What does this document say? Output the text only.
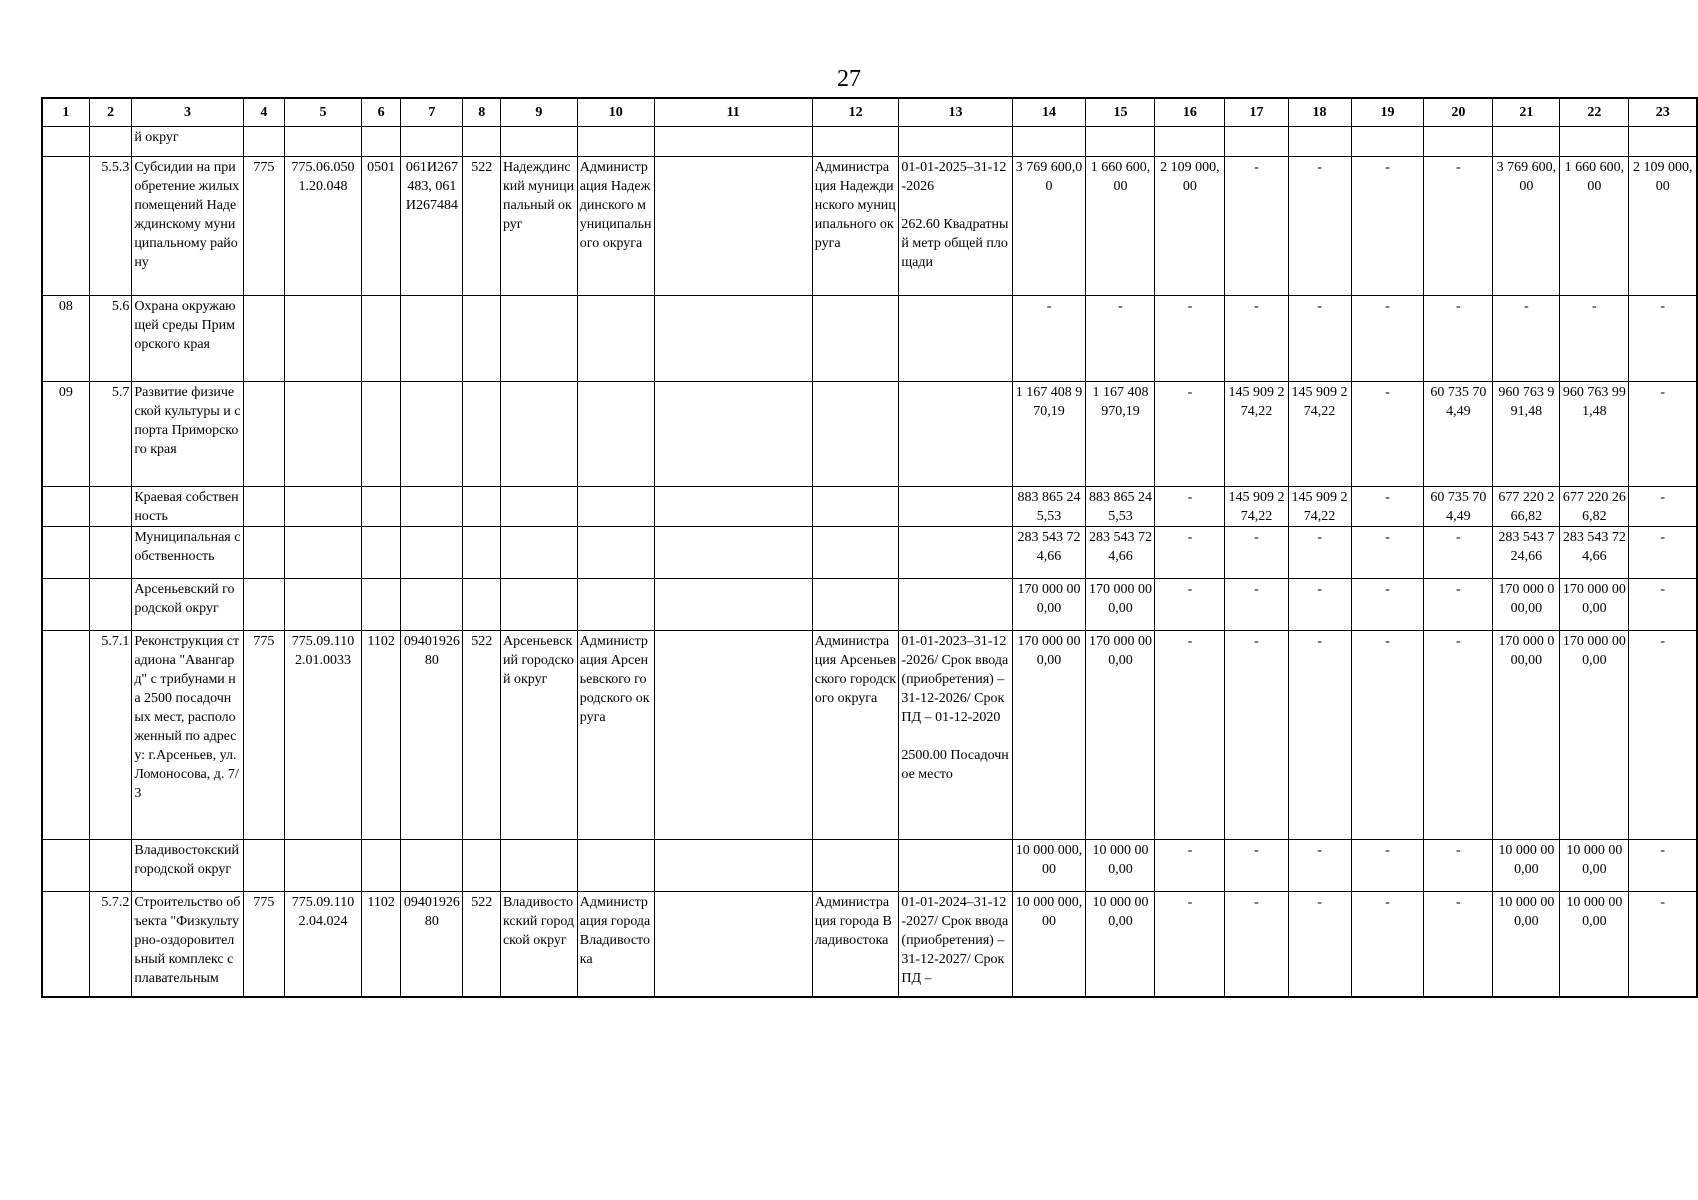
27
1	2	3	4	5	6	7	8	9	10	11	12	13	14	15	16	17	18	19	20	21	22	23
		й округ																				
	5.5.3	Субсидии на приобретение жилых помещений Надеждинскому муниципальному району	775	775.06.0501.20.048	0501	061И267483, 061И267484	522	Надеждинский муниципальный округ	Администрация Надеждинского муниципального округа		Администрация Надеждинского муниципального округа	01-01-2025–31-12-2026

262.60 Квадратный метр общей площади	3 769 600,00	1 660 600,00	2 109 000,00	-	-	-	-	3 769 600,00	1 660 600,00	2 109 000,00
08	5.6	Охрана окружающей среды Приморского края											-	-	-	-	-	-	-	-	-	-
09	5.7	Развитие физической культуры и спорта Приморского края											1 167 408 970,19	1 167 408 970,19	-	145 909 274,22	145 909 274,22	-	60 735 704,49	960 763 991,48	960 763 991,48	-
		Краевая собственность											883 865 245,53	883 865 245,53	-	145 909 274,22	145 909 274,22	-	60 735 704,49	677 220 266,82	677 220 266,82	-
		Муниципальная собственность											283 543 724,66	283 543 724,66	-	-	-	-	-	283 543 724,66	283 543 724,66	-
		Арсеньевский городской округ											170 000 000,00	170 000 000,00	-	-	-	-	-	170 000 000,00	170 000 000,00	-
	5.7.1	Реконструкция стадиона "Авангард" с трибунами на 2500 посадочных мест, расположенный по адресу: г.Арсеньев, ул. Ломоносова, д. 7/3	775	775.09.1102.01.0033	1102	0940192680	522	Арсеньевский городской округ	Администрация Арсеньевского городского округа		Администрация Арсеньевского городского округа	01-01-2023–31-12-2026/ Срок ввода (приобретения) – 31-12-2026/ Срок ПД – 01-12-2020

2500.00 Посадочное место	170 000 000,00	170 000 000,00	-	-	-	-	-	170 000 000,00	170 000 000,00	-
		Владивостокский городской округ											10 000 000,00	10 000 000,00	-	-	-	-	-	10 000 000,00	10 000 000,00	-
	5.7.2	Строительство объекта "Физкультурно-оздоровительный комплекс с плавательным	775	775.09.1102.04.024	1102	0940192680	522	Владивостокский городской округ	Администрация города Владивостока		Администрация города Владивостока	01-01-2024–31-12-2027/ Срок ввода (приобретения) – 31-12-2027/ Срок ПД –	10 000 000,00	10 000 000,00	-	-	-	-	-	10 000 000,00	10 000 000,00	-
